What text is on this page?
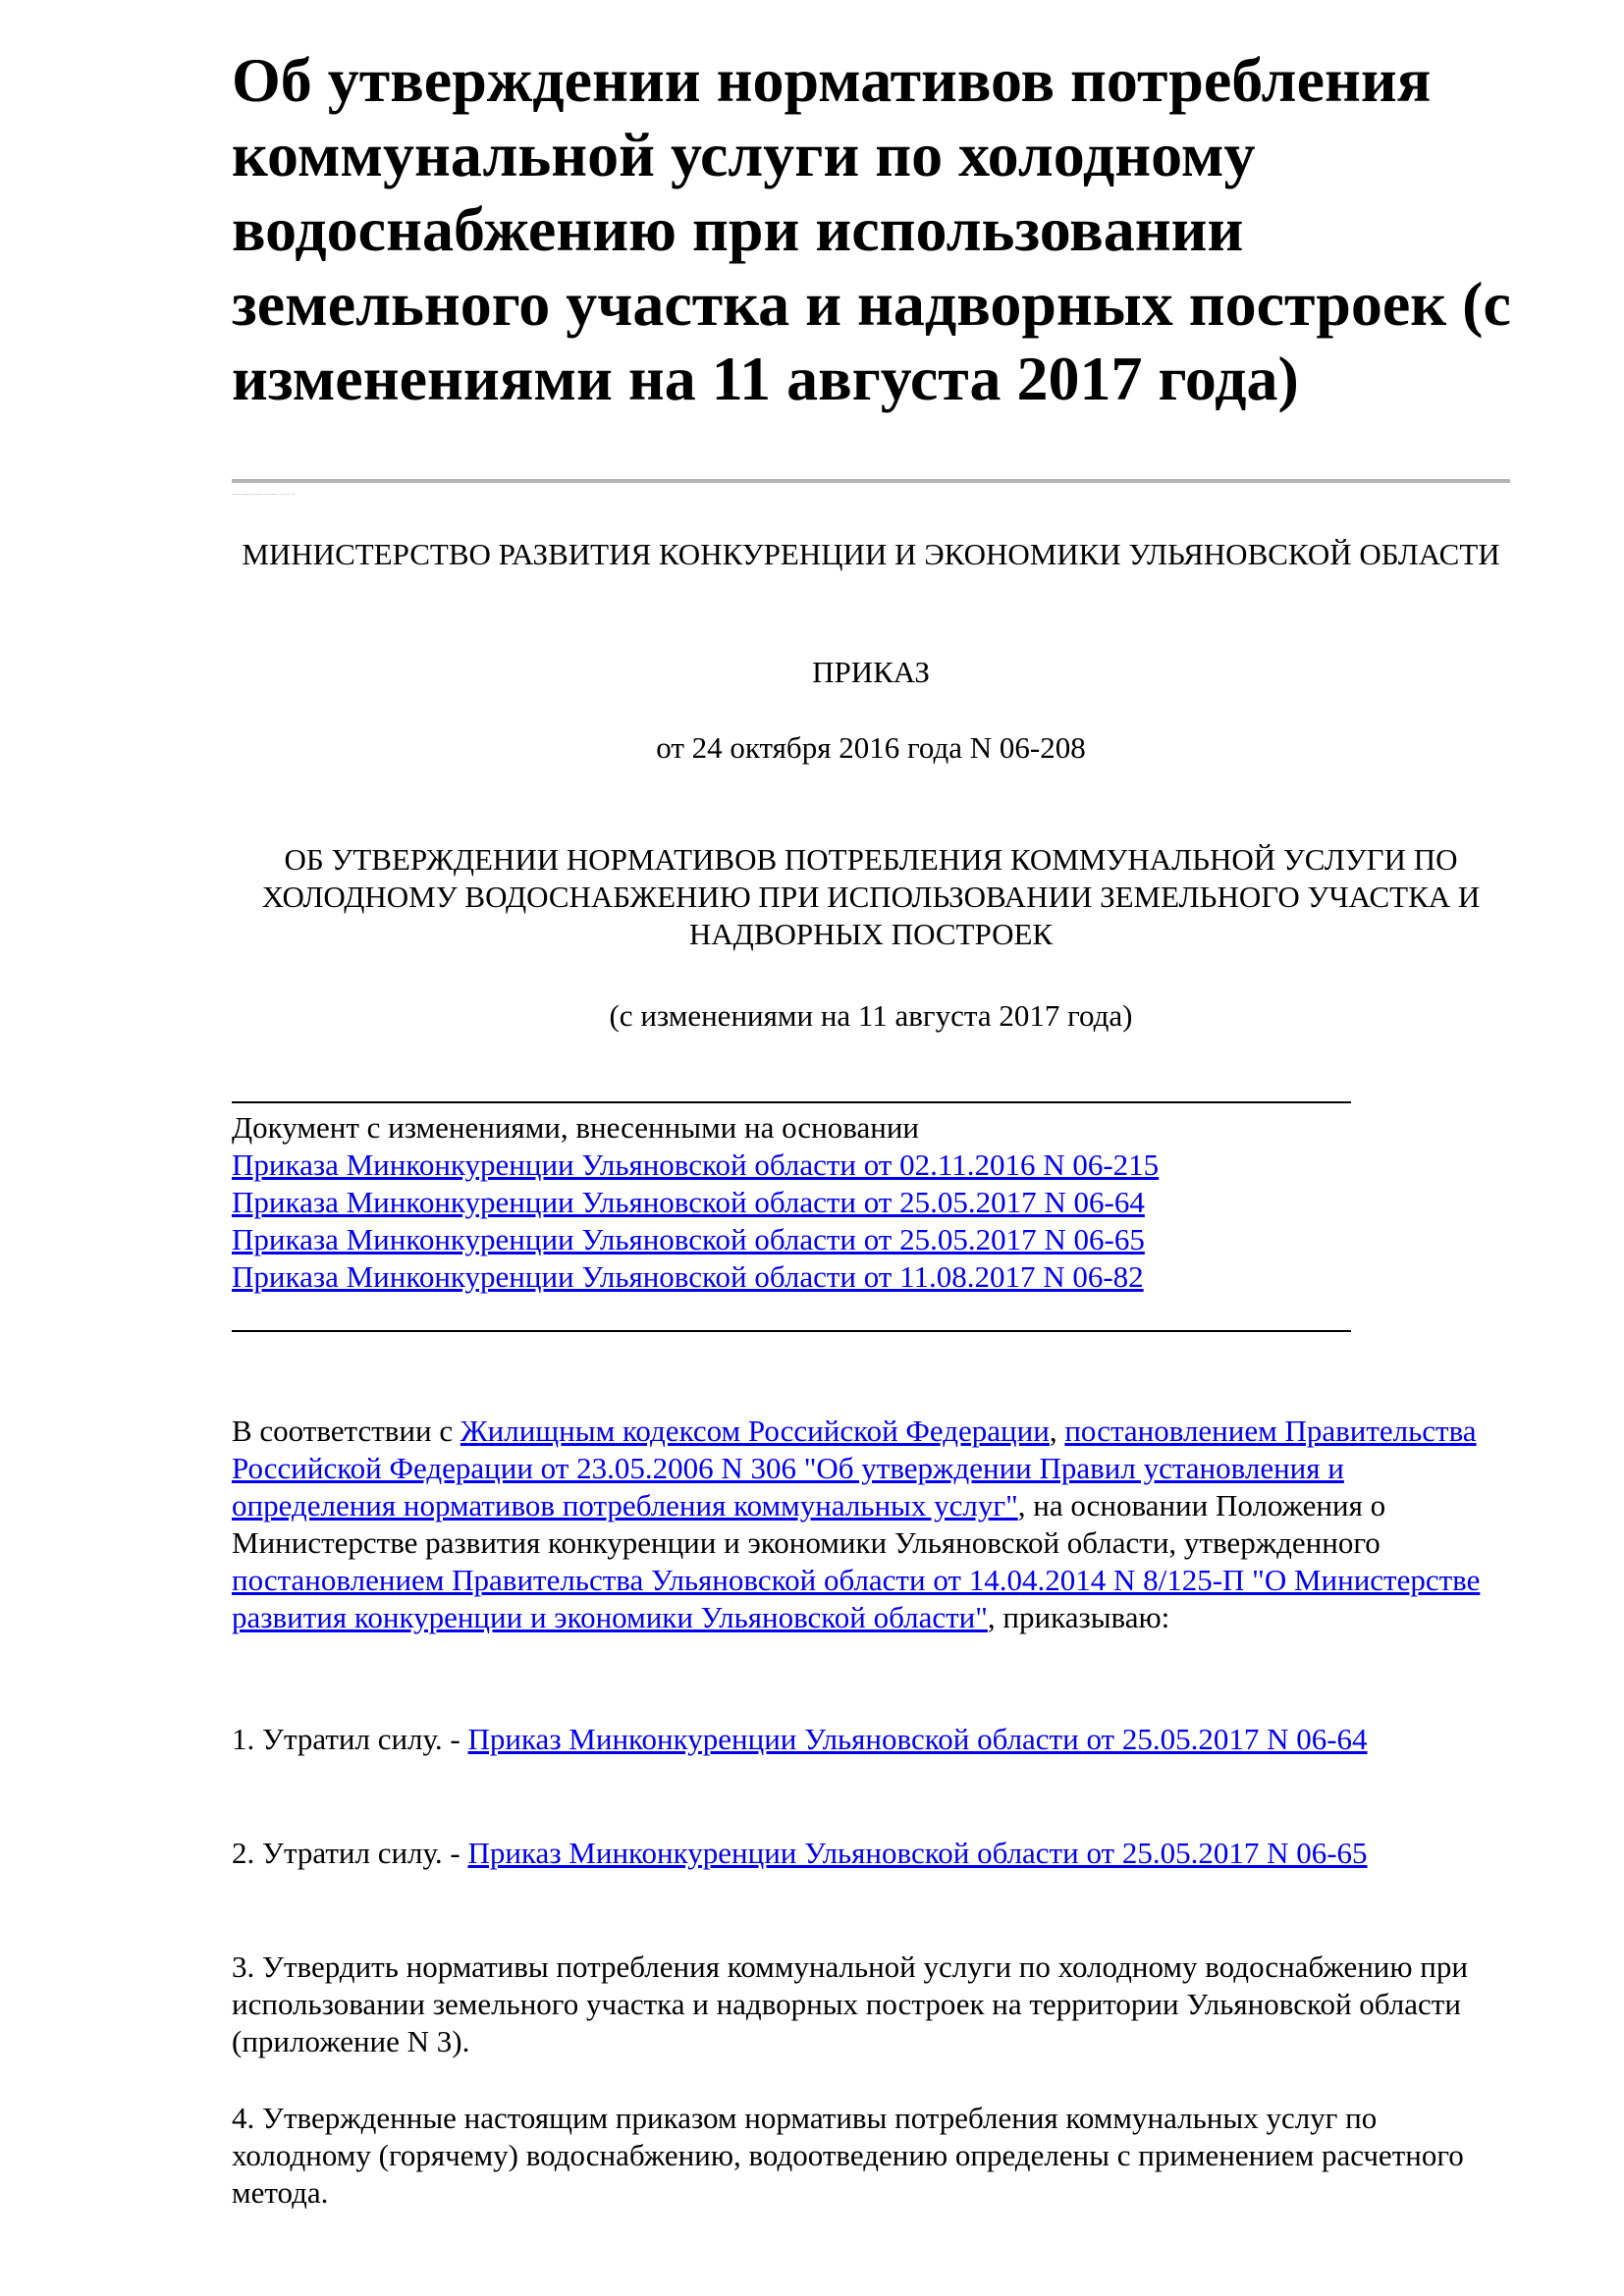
Об утверждении нормативов потребления коммунальной услуги по холодному водоснабжению при использовании земельного участка и надворных построек (с изменениями на 11 августа 2017 года)
Документ в редакции, действующей с изменениями на 11 августа 2017 года
МИНИСТЕРСТВО РАЗВИТИЯ КОНКУРЕНЦИИ И ЭКОНОМИКИ УЛЬЯНОВСКОЙ ОБЛАСТИ
ПРИКАЗ
от 24 октября 2016 года N 06-208
ОБ УТВЕРЖДЕНИИ НОРМАТИВОВ ПОТРЕБЛЕНИЯ КОММУНАЛЬНОЙ УСЛУГИ ПО ХОЛОДНОМУ ВОДОСНАБЖЕНИЮ ПРИ ИСПОЛЬЗОВАНИИ ЗЕМЕЛЬНОГО УЧАСТКА И НАДВОРНЫХ ПОСТРОЕК
(с изменениями на 11 августа 2017 года)
Документ с изменениями, внесенными на основании
Приказа Минконкуренции Ульяновской области от 02.11.2016 N 06-215
Приказа Минконкуренции Ульяновской области от 25.05.2017 N 06-64
Приказа Минконкуренции Ульяновской области от 25.05.2017 N 06-65
Приказа Минконкуренции Ульяновской области от 11.08.2017 N 06-82
В соответствии с Жилищным кодексом Российской Федерации, постановлением Правительства Российской Федерации от 23.05.2006 N 306 "Об утверждении Правил установления и определения нормативов потребления коммунальных услуг", на основании Положения о Министерстве развития конкуренции и экономики Ульяновской области, утвержденного постановлением Правительства Ульяновской области от 14.04.2014 N 8/125-П "О Министерстве развития конкуренции и экономики Ульяновской области", приказываю:
1. Утратил силу. - Приказ Минконкуренции Ульяновской области от 25.05.2017 N 06-64
2. Утратил силу. - Приказ Минконкуренции Ульяновской области от 25.05.2017 N 06-65
3. Утвердить нормативы потребления коммунальной услуги по холодному водоснабжению при использовании земельного участка и надворных построек на территории Ульяновской области (приложение N 3).
4. Утвержденные настоящим приказом нормативы потребления коммунальных услуг по холодному (горячему) водоснабжению, водоотведению определены с применением расчетного метода.
